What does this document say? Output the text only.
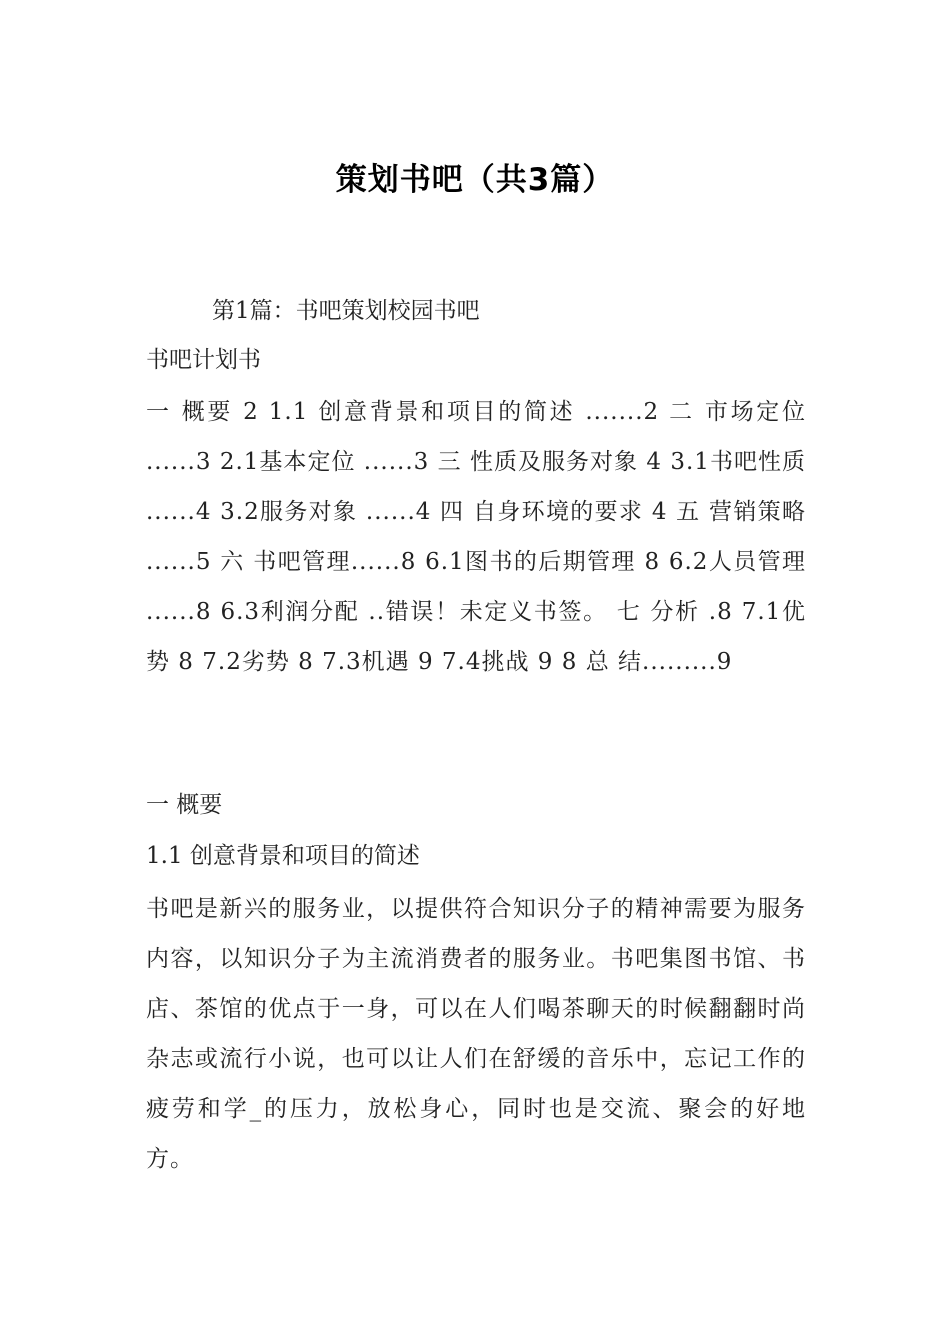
策划书吧（共3篇）
第1篇：书吧策划校园书吧
书吧计划书
一 概要 2 1.1 创意背景和项目的简述 .......2 二 市场定位 ......3 2.1基本定位 ......3 三 性质及服务对象 4 3.1书吧性质 ......4 3.2服务对象 ......4 四 自身环境的要求 4 五 营销策略 ......5 六 书吧管理......8 6.1图书的后期管理 8 6.2人员管理 ......8 6.3利润分配 ..错误！未定义书签。 七 分析 .8 7.1优势 8 7.2劣势 8 7.3机遇 9 7.4挑战 9 8 总 结.........9
一 概要
1.1 创意背景和项目的简述
书吧是新兴的服务业，以提供符合知识分子的精神需要为服务内容，以知识分子为主流消费者的服务业。书吧集图书馆、书店、茶馆的优点于一身，可以在人们喝茶聊天的时候翻翻时尚杂志或流行小说，也可以让人们在舒缓的音乐中，忘记工作的疲劳和学_的压力，放松身心，同时也是交流、聚会的好地方。
